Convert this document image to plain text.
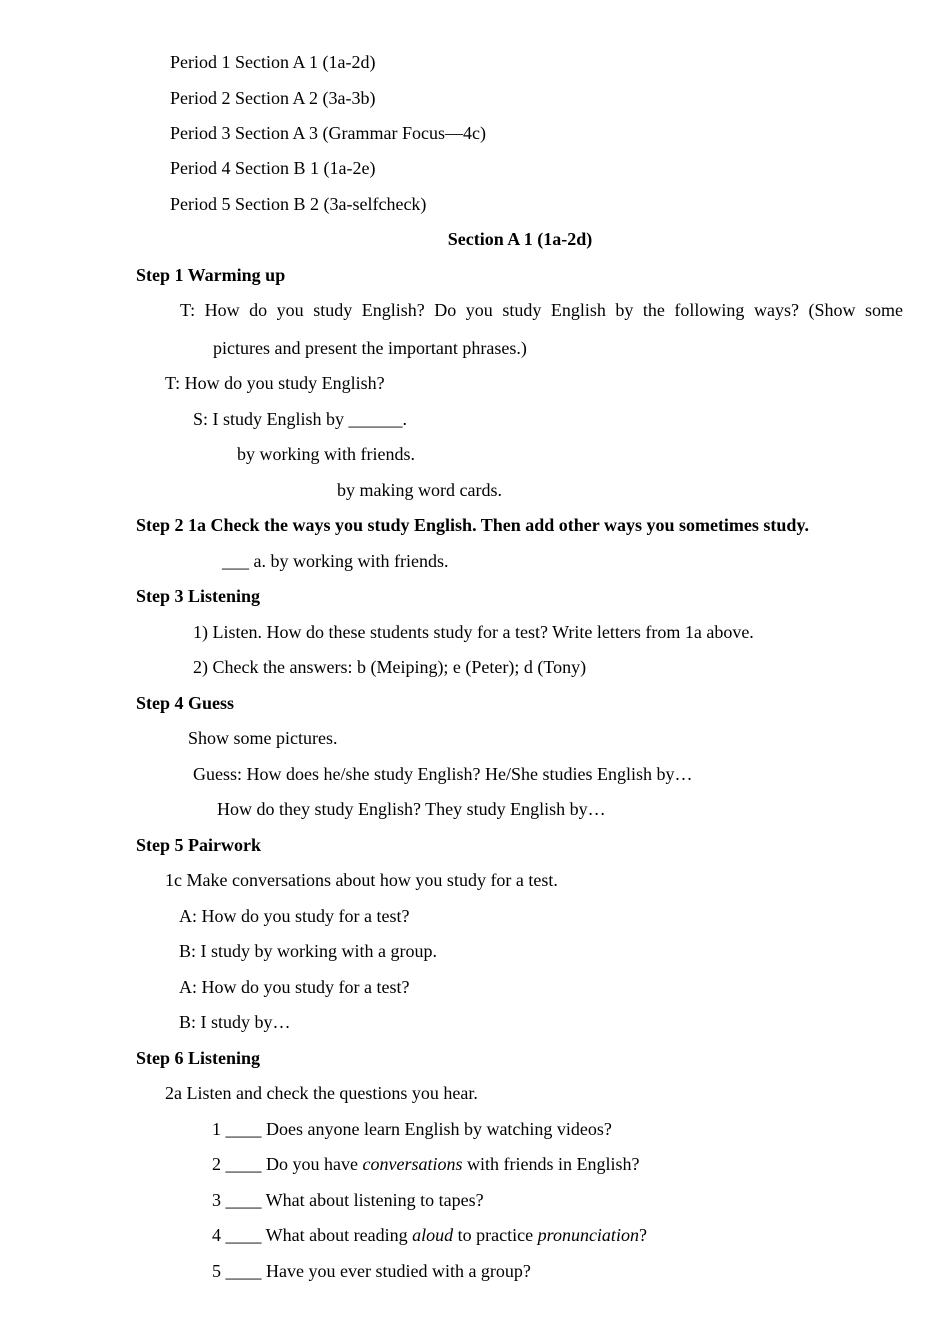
Period 1 Section A 1 (1a-2d)
Period 2 Section A 2 (3a-3b)
Period 3 Section A 3 (Grammar Focus—4c)
Period 4 Section B 1 (1a-2e)
Period 5 Section B 2 (3a-selfcheck)
Section A 1 (1a-2d)
Step 1 Warming up
T: How do you study English? Do you study English by the following ways? (Show some
pictures and present the important phrases.)
T: How do you study English?
S: I study English by ______.
by working with friends.
by making word cards.
Step 2 1a Check the ways you study English. Then add other ways you sometimes study.
___ a. by working with friends.
Step 3 Listening
1) Listen. How do these students study for a test? Write letters from 1a above.
2) Check the answers: b (Meiping); e (Peter); d (Tony)
Step 4 Guess
Show some pictures.
Guess: How does he/she study English? He/She studies English by…
How do they study English? They study English by…
Step 5 Pairwork
1c Make conversations about how you study for a test.
A: How do you study for a test?
B: I study by working with a group.
A: How do you study for a test?
B: I study by…
Step 6 Listening
2a Listen and check the questions you hear.
1 ____ Does anyone learn English by watching videos?
2 ____ Do you have conversations with friends in English?
3 ____ What about listening to tapes?
4 ____ What about reading aloud to practice pronunciation?
5 ____ Have you ever studied with a group?
